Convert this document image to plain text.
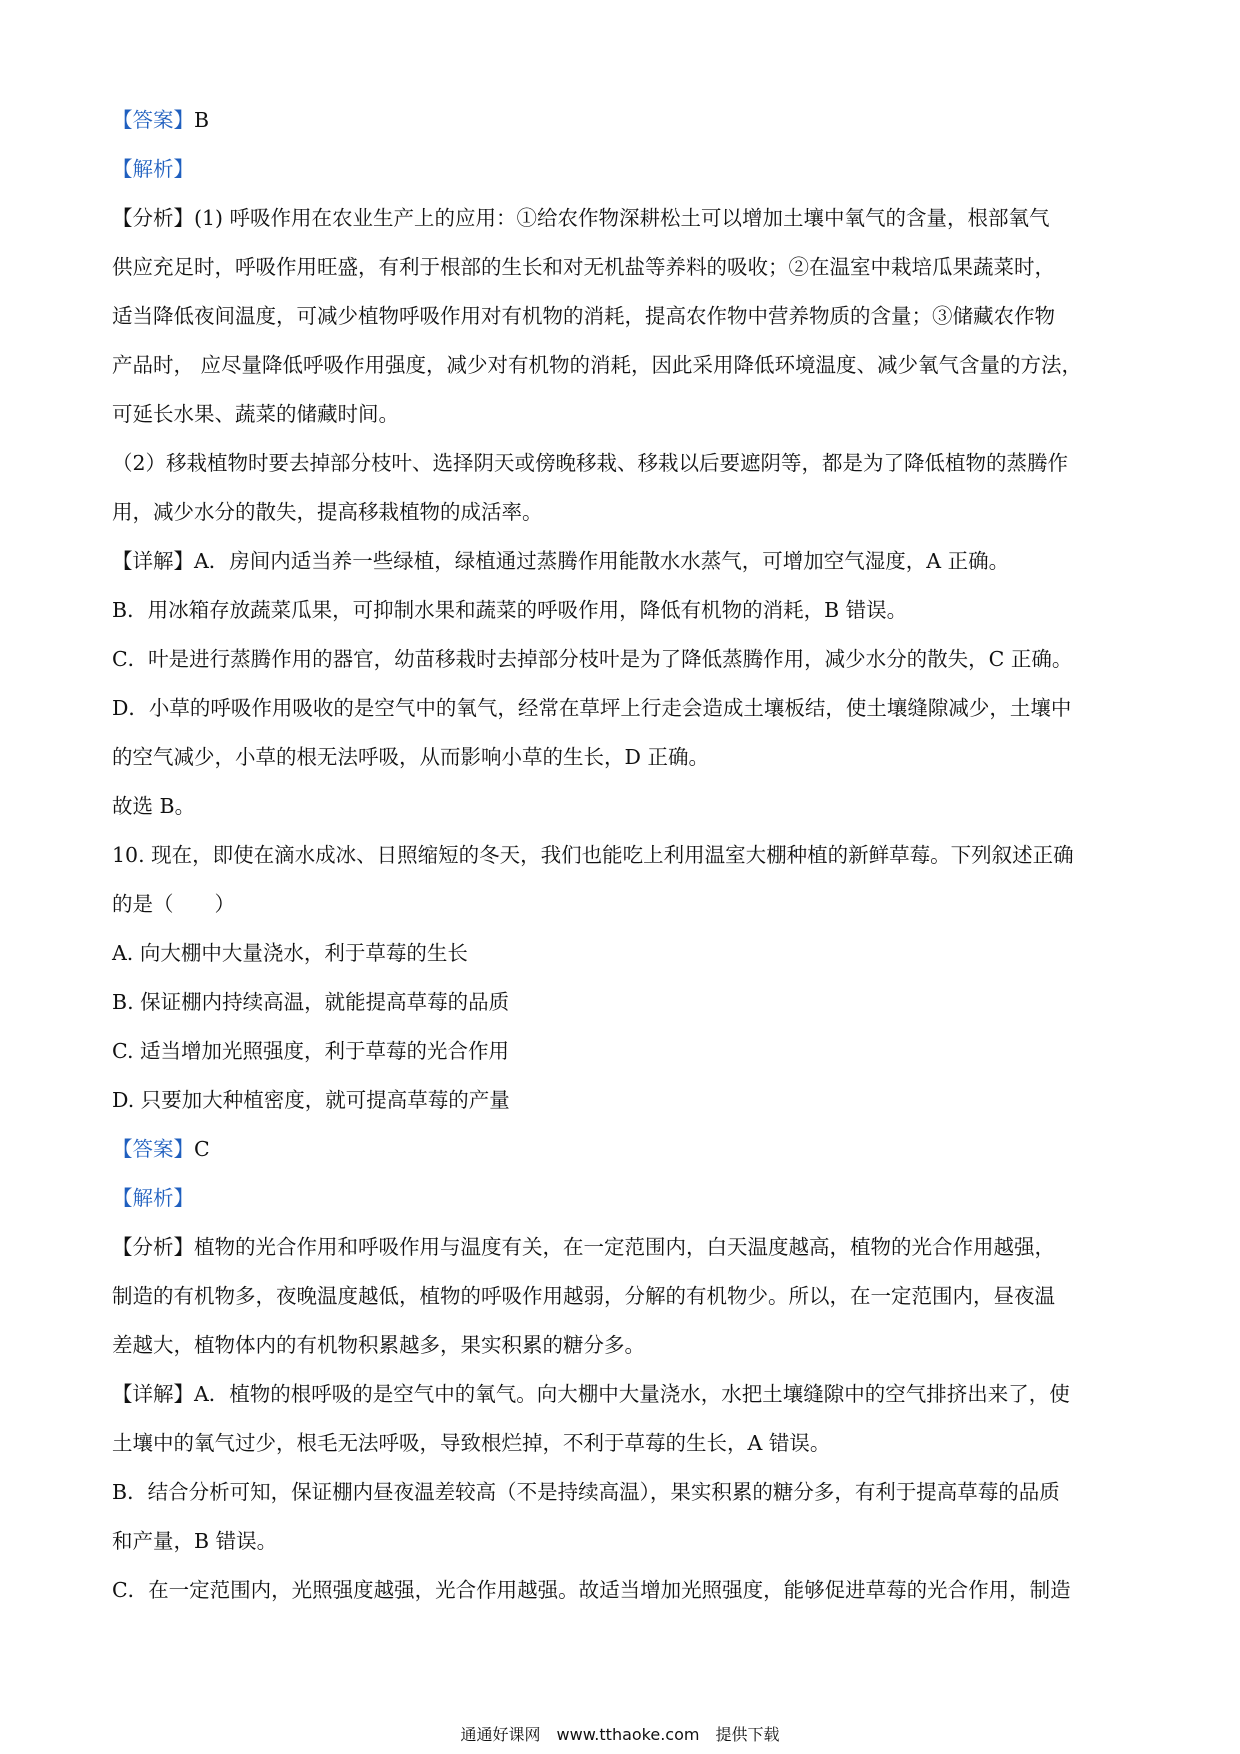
【答案】B
【解析】
【分析】(1) 呼吸作用在农业生产上的应用：①给农作物深耕松土可以增加土壤中氧气的含量，根部氧气
供应充足时，呼吸作用旺盛，有利于根部的生长和对无机盐等养料的吸收；②在温室中栽培瓜果蔬菜时，
适当降低夜间温度，可减少植物呼吸作用对有机物的消耗，提高农作物中营养物质的含量；③储藏农作物
产品时， 应尽量降低呼吸作用强度，减少对有机物的消耗，因此采用降低环境温度、减少氧气含量的方法，
可延长水果、蔬菜的储藏时间。
（2）移栽植物时要去掉部分枝叶、选择阴天或傍晚移栽、移栽以后要遮阴等，都是为了降低植物的蒸腾作
用，减少水分的散失，提高移栽植物的成活率。
【详解】A．房间内适当养一些绿植，绿植通过蒸腾作用能散水水蒸气，可增加空气湿度，A 正确。
B．用冰箱存放蔬菜瓜果，可抑制水果和蔬菜的呼吸作用，降低有机物的消耗，B 错误。
C．叶是进行蒸腾作用的器官，幼苗移栽时去掉部分枝叶是为了降低蒸腾作用，减少水分的散失，C 正确。
D．小草的呼吸作用吸收的是空气中的氧气，经常在草坪上行走会造成土壤板结，使土壤缝隙减少，土壤中
的空气减少，小草的根无法呼吸，从而影响小草的生长，D 正确。
故选 B。
10. 现在，即使在滴水成冰、日照缩短的冬天，我们也能吃上利用温室大棚种植的新鲜草莓。下列叙述正确
的是（　　）
A. 向大棚中大量浇水，利于草莓的生长
B. 保证棚内持续高温，就能提高草莓的品质
C. 适当增加光照强度，利于草莓的光合作用
D. 只要加大种植密度，就可提高草莓的产量
【答案】C
【解析】
【分析】植物的光合作用和呼吸作用与温度有关，在一定范围内，白天温度越高，植物的光合作用越强，
制造的有机物多，夜晚温度越低，植物的呼吸作用越弱，分解的有机物少。所以，在一定范围内，昼夜温
差越大，植物体内的有机物积累越多，果实积累的糖分多。
【详解】A．植物的根呼吸的是空气中的氧气。向大棚中大量浇水，水把土壤缝隙中的空气排挤出来了，使
土壤中的氧气过少，根毛无法呼吸，导致根烂掉，不利于草莓的生长，A 错误。
B．结合分析可知，保证棚内昼夜温差较高（不是持续高温），果实积累的糖分多，有利于提高草莓的品质
和产量，B 错误。
C．在一定范围内，光照强度越强，光合作用越强。故适当增加光照强度，能够促进草莓的光合作用，制造
通通好课网　www.tthaoke.com　提供下载
